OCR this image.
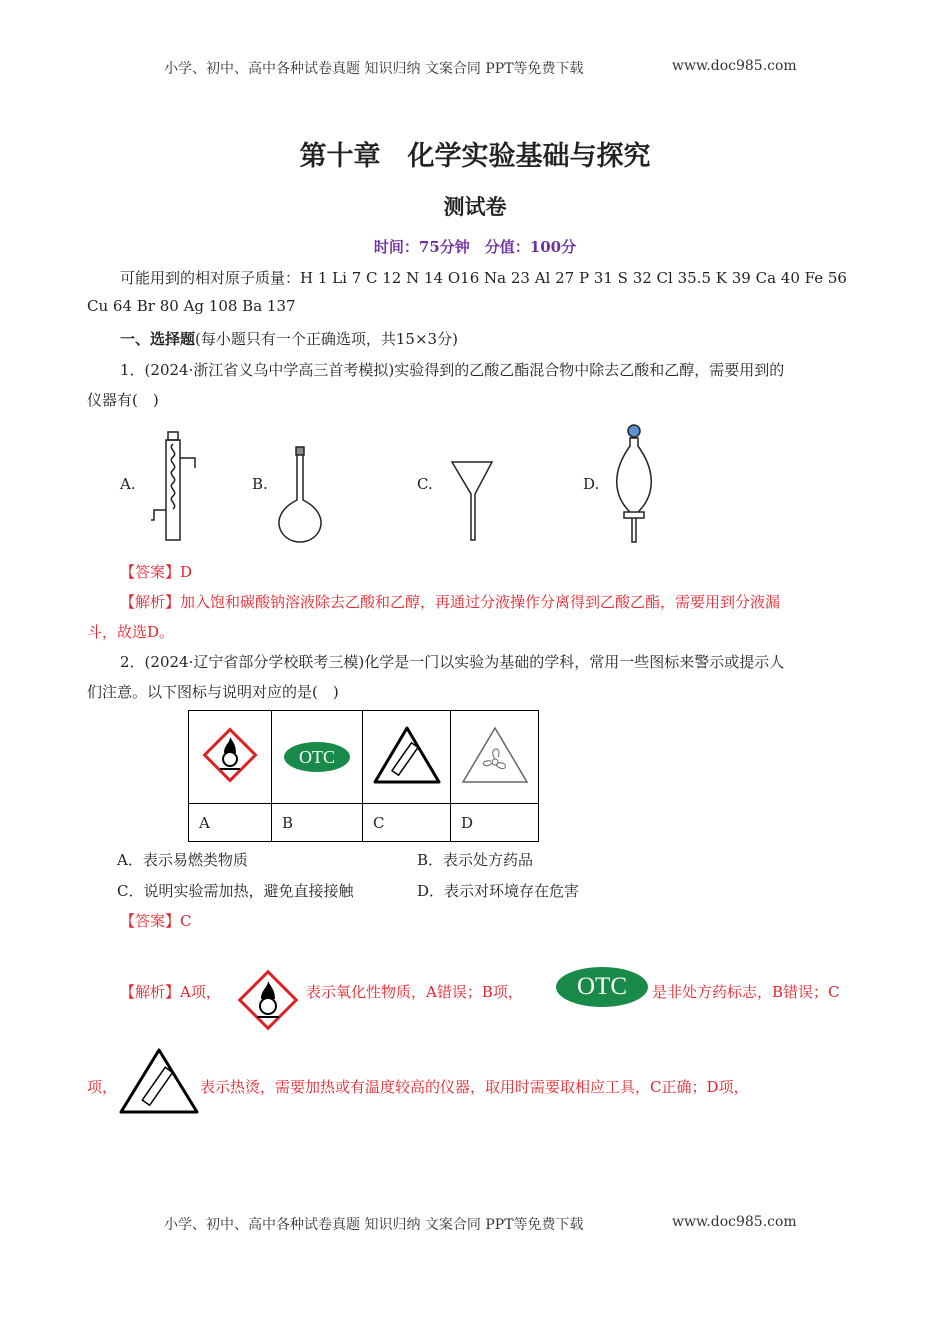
小学、初中、高中各种试卷真题 知识归纳 文案合同 PPT等免费下载	www.doc985.com
第十章　化学实验基础与探究
测试卷
时间：75分钟　分值：100分
可能用到的相对原子质量：H 1 Li 7 C 12 N 14 O16 Na 23 Al 27 P 31 S 32 Cl 35.5 K 39 Ca 40 Fe 56
Cu 64 Br 80 Ag 108 Ba 137
一、选择题(每小题只有一个正确选项，共15×3分)
1．(2024·浙江省义乌中学高三首考模拟)实验得到的乙酸乙酯混合物中除去乙酸和乙醇，需要用到的
仪器有(　)
A.	B.	C.	D.
【答案】D
【解析】加入饱和碳酸钠溶液除去乙酸和乙醇，再通过分液操作分离得到乙酸乙酯，需要用到分液漏
斗，故选D。
2．(2024·辽宁省部分学校联考三模)化学是一门以实验为基础的学科，常用一些图标来警示或提示人
们注意。以下图标与说明对应的是(　)
	OTC		
A	B	C	D
A．表示易燃类物质	B．表示处方药品
C．说明实验需加热，避免直接接触	D．表示对环境存在危害
【答案】C
【解析】A项，	表示氧化性物质，A错误；B项，	OTC	是非处方药标志，B错误；C
项，	表示热烫，需要加热或有温度较高的仪器，取用时需要取相应工具，C正确；D项，
小学、初中、高中各种试卷真题 知识归纳 文案合同 PPT等免费下载	www.doc985.com
